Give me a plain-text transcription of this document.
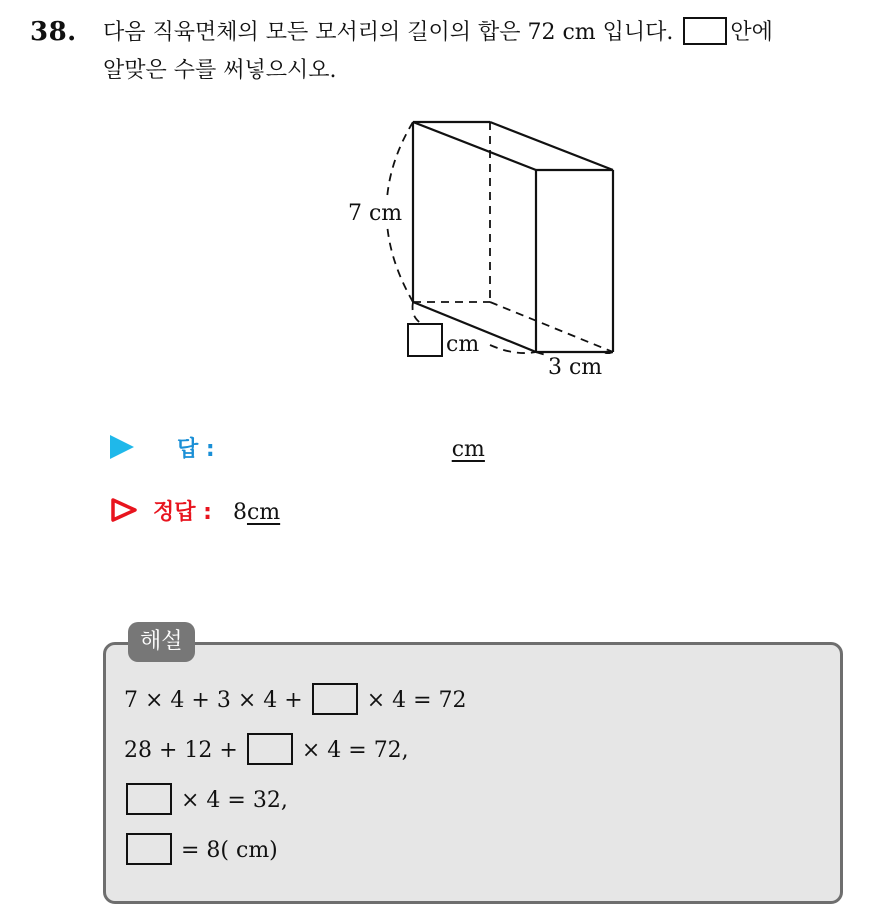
38. 다음 직육면체의 모든 모서리의 길이의 합은 72 cm 입니다.	안에
알맞은 수를 써넣으시오.
7 cm
cm
3 cm
답 :	cm
정답 : 8cm
해설
7 × 4 + 3 × 4 +	× 4 = 72
28 + 12 +	× 4 = 72,
× 4 = 32,
= 8( cm)
